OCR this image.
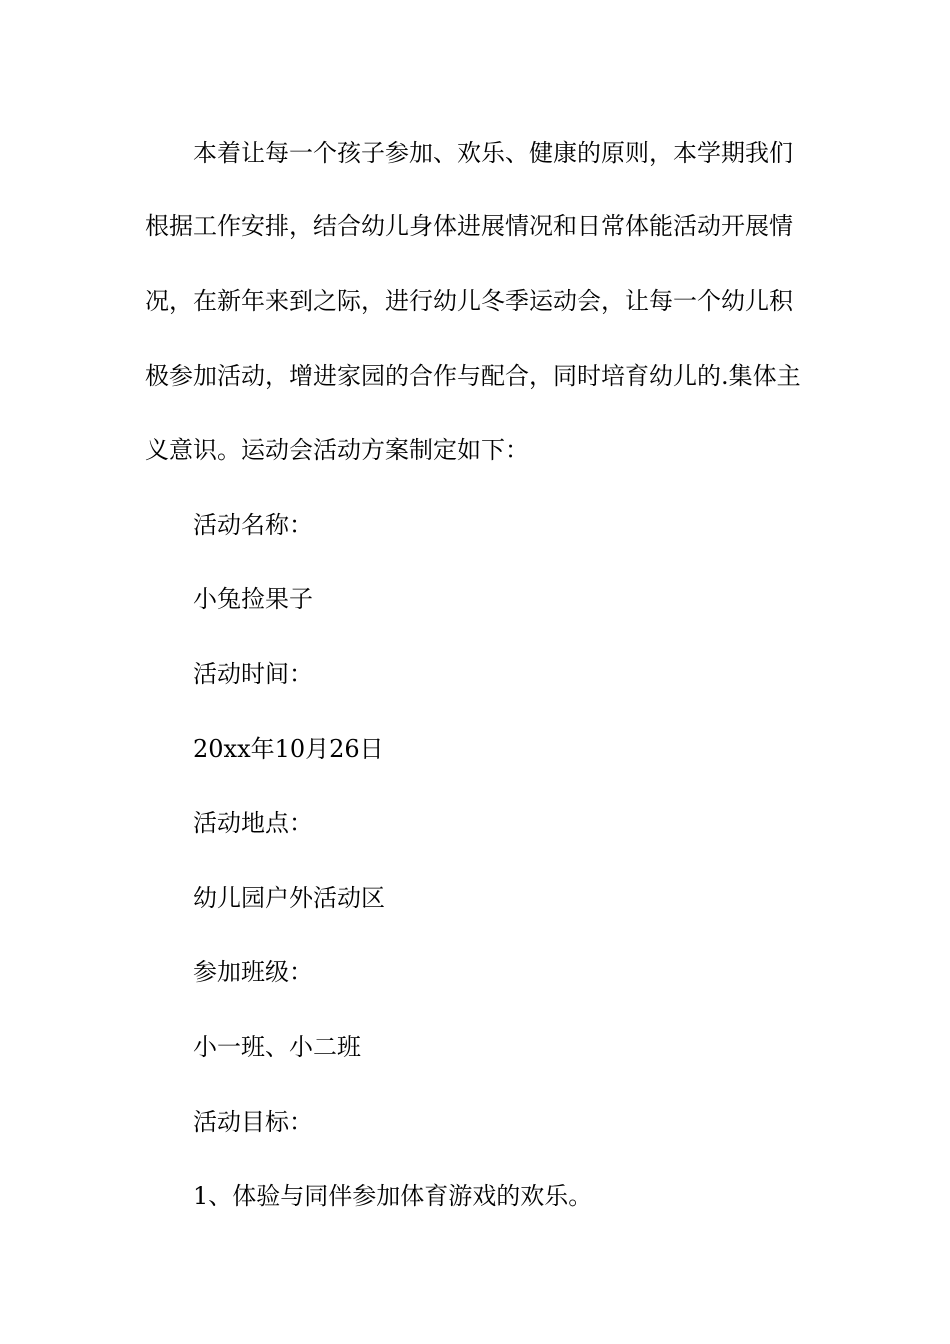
本着让每一个孩子参加、欢乐、健康的原则，本学期我们
根据工作安排，结合幼儿身体进展情况和日常体能活动开展情
况，在新年来到之际，进行幼儿冬季运动会，让每一个幼儿积
极参加活动，增进家园的合作与配合，同时培育幼儿的.集体主
义意识。运动会活动方案制定如下：
活动名称：
小兔捡果子
活动时间：
20xx年10月26日
活动地点：
幼儿园户外活动区
参加班级：
小一班、小二班
活动目标：
1、体验与同伴参加体育游戏的欢乐。
